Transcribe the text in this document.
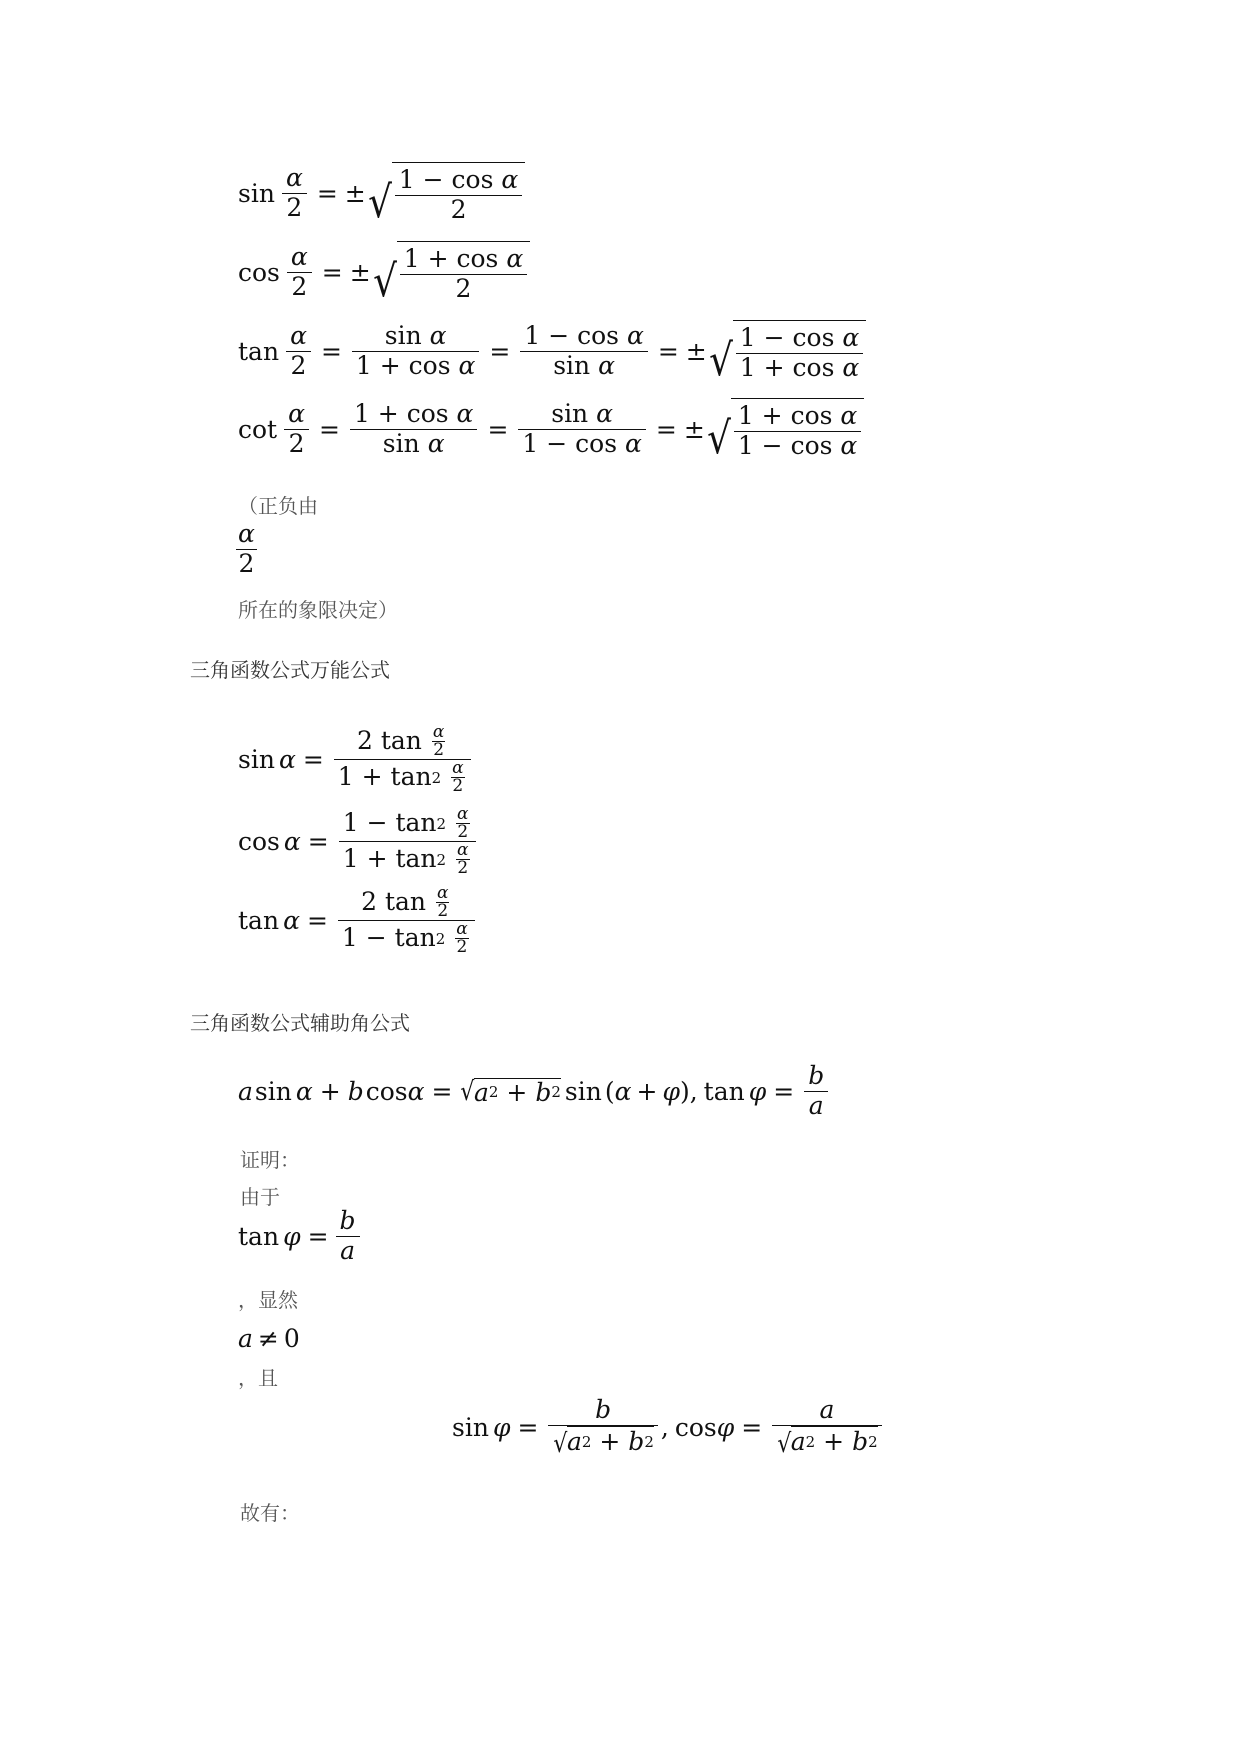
$\sin \frac{\alpha}{2}$ = ± √ $\frac{\text{1 − cos α}}{2}$
$\cos \frac{\alpha}{2}$ = ± √ $\frac{\text{1 + cos α}}{2}$
$\tan \frac{\alpha}{2} = \frac{\text{sin α}}{\text{1 + cos α}} = \frac{\text{1 − cos α}}{\text{sin α}}$ = ± √ $\frac{\text{1 − cos α}}{\text{1 + cos α}}$
$\cot \frac{\alpha}{2} = \frac{\text{1 + cos α}}{\text{sin α}} = \frac{\text{sin α}}{\text{1 − cos α}}$ = ± √ $\frac{\text{1 + cos α}}{\text{1 − cos α}}$
（正负由
$\frac{\alpha}{2}$
所在的象限决定）
三角函数公式万能公式
sin α = 2 tan
$\frac{\alpha}{2}$
1 + tan 2
$\frac{\alpha}{2}$
cos α = 1 − tan 2
$\frac{\alpha}{2}$
1 + tan 2
$\frac{\alpha}{2}$
tan α = 2 tan
$\frac{\alpha}{2}$
1 − tan 2
$\frac{\alpha}{2}$
三角函数公式辅助角公式
a sin α + b cos α = √ a 2
+
b 2 sin ( α + φ ) , $\tan \varphi = \frac{b}{a}$
证明：
由于
$\tan \varphi = \frac{b}{a}$
，显然
a ≠ 0
，且
sin φ = b
√ a 2
+
b 2 , cos φ = a
√ a 2
+
b 2
故有：
